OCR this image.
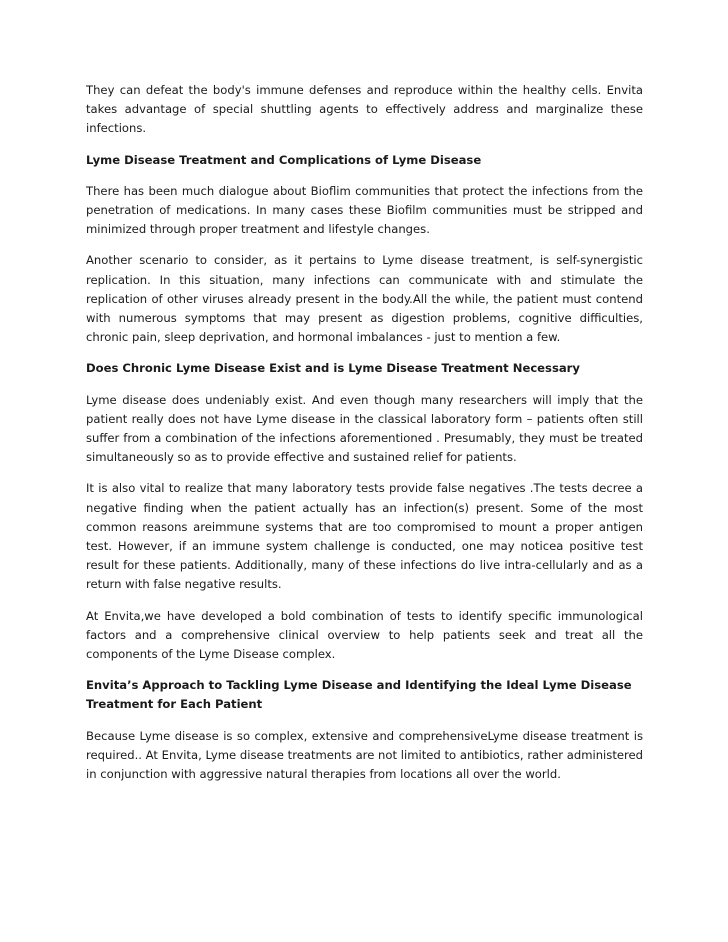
They can defeat the body's immune defenses and reproduce within the healthy cells. Envita takes advantage of special shuttling agents to effectively address and marginalize these infections.

Lyme Disease Treatment and Complications of Lyme Disease

There has been much dialogue about Bioflim communities that protect the infections from the penetration of medications. In many cases these Biofilm communities must be stripped and minimized through proper treatment and lifestyle changes.

Another scenario to consider, as it pertains to Lyme disease treatment, is self-synergistic replication. In this situation, many infections can communicate with and stimulate the replication of other viruses already present in the body.All the while, the patient must contend with numerous symptoms that may present as digestion problems, cognitive difficulties, chronic pain, sleep deprivation, and hormonal imbalances - just to mention a few.

Does Chronic Lyme Disease Exist and is Lyme Disease Treatment Necessary

Lyme disease does undeniably exist. And even though many researchers will imply that the patient really does not have Lyme disease in the classical laboratory form – patients often still suffer from a combination of the infections aforementioned . Presumably, they must be treated simultaneously so as to provide effective and sustained relief for patients.

It is also vital to realize that many laboratory tests provide false negatives .The tests decree a negative finding when the patient actually has an infection(s) present. Some of the most common reasons areimmune systems that are too compromised to mount a proper antigen test. However, if an immune system challenge is conducted, one may noticea positive test result for these patients. Additionally, many of these infections do live intra-cellularly and as a return with false negative results.

At Envita,we have developed a bold combination of tests to identify specific immunological factors and a comprehensive clinical overview to help patients seek and treat all the components of the Lyme Disease complex.

Envita’s Approach to Tackling Lyme Disease and Identifying the Ideal Lyme Disease Treatment for Each Patient

Because Lyme disease is so complex, extensive and comprehensiveLyme disease treatment is required.. At Envita, Lyme disease treatments are not limited to antibiotics, rather administered in conjunction with aggressive natural therapies from locations all over the world.
